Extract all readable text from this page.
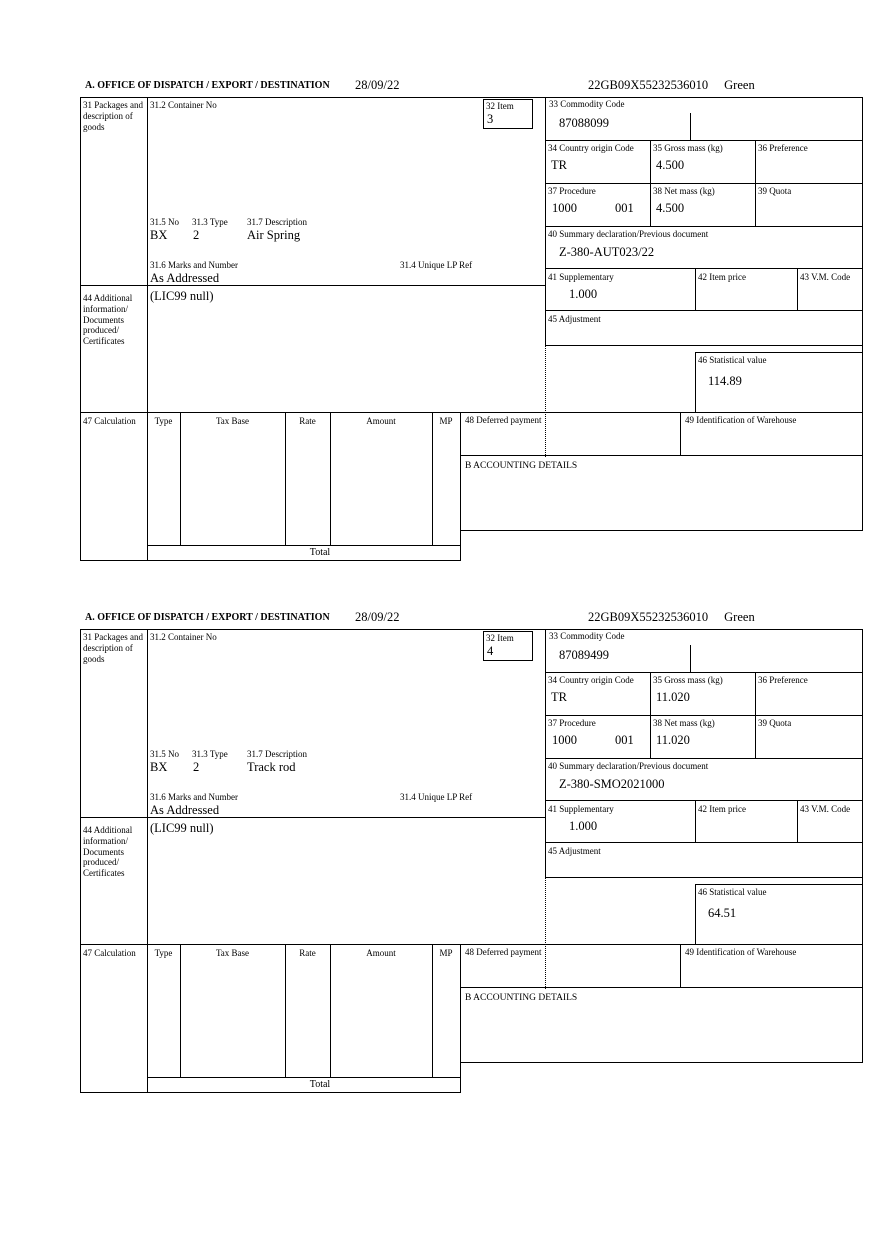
A. OFFICE OF DISPATCH / EXPORT / DESTINATION 28/09/22	22GB09X55232536010 Green
32 Item
3
31 Packages and description of goods
44 Additional information/ Documents produced/ Certificates
47 Calculation
31.2 Container No
31.5 No 31.3 Type 31.7 Description
BX 2	Air Spring
31.6 Marks and Number	31.4 Unique LP Ref
As Addressed
(LIC99 null)
33 Commodity Code
87088099
34 Country origin Code
TR
35 Gross mass (kg)
4.500
36 Preference
37 Procedure
1000	001
38 Net mass (kg)
4.500
39 Quota
40 Summary declaration/Previous document
Z-380-AUT023/22
41 Supplementary
1.000
42 Item price	43 V.M. Code
45 Adjustment
46 Statistical value
114.89
Type	Tax Base	Rate	Amount	MP
Total
48 Deferred payment	49 Identification of Warehouse
B ACCOUNTING DETAILS
A. OFFICE OF DISPATCH / EXPORT / DESTINATION 28/09/22	22GB09X55232536010 Green
32 Item
4
31 Packages and description of goods
44 Additional information/ Documents produced/ Certificates
47 Calculation
31.2 Container No
31.5 No 31.3 Type 31.7 Description
BX 2	Track rod
31.6 Marks and Number	31.4 Unique LP Ref
As Addressed
(LIC99 null)
33 Commodity Code
87089499
34 Country origin Code
TR
35 Gross mass (kg)
11.020
36 Preference
37 Procedure
1000	001
38 Net mass (kg)
11.020
39 Quota
40 Summary declaration/Previous document
Z-380-SMO2021000
41 Supplementary
1.000
42 Item price	43 V.M. Code
45 Adjustment
46 Statistical value
64.51
Type	Tax Base	Rate	Amount	MP
Total
48 Deferred payment	49 Identification of Warehouse
B ACCOUNTING DETAILS
